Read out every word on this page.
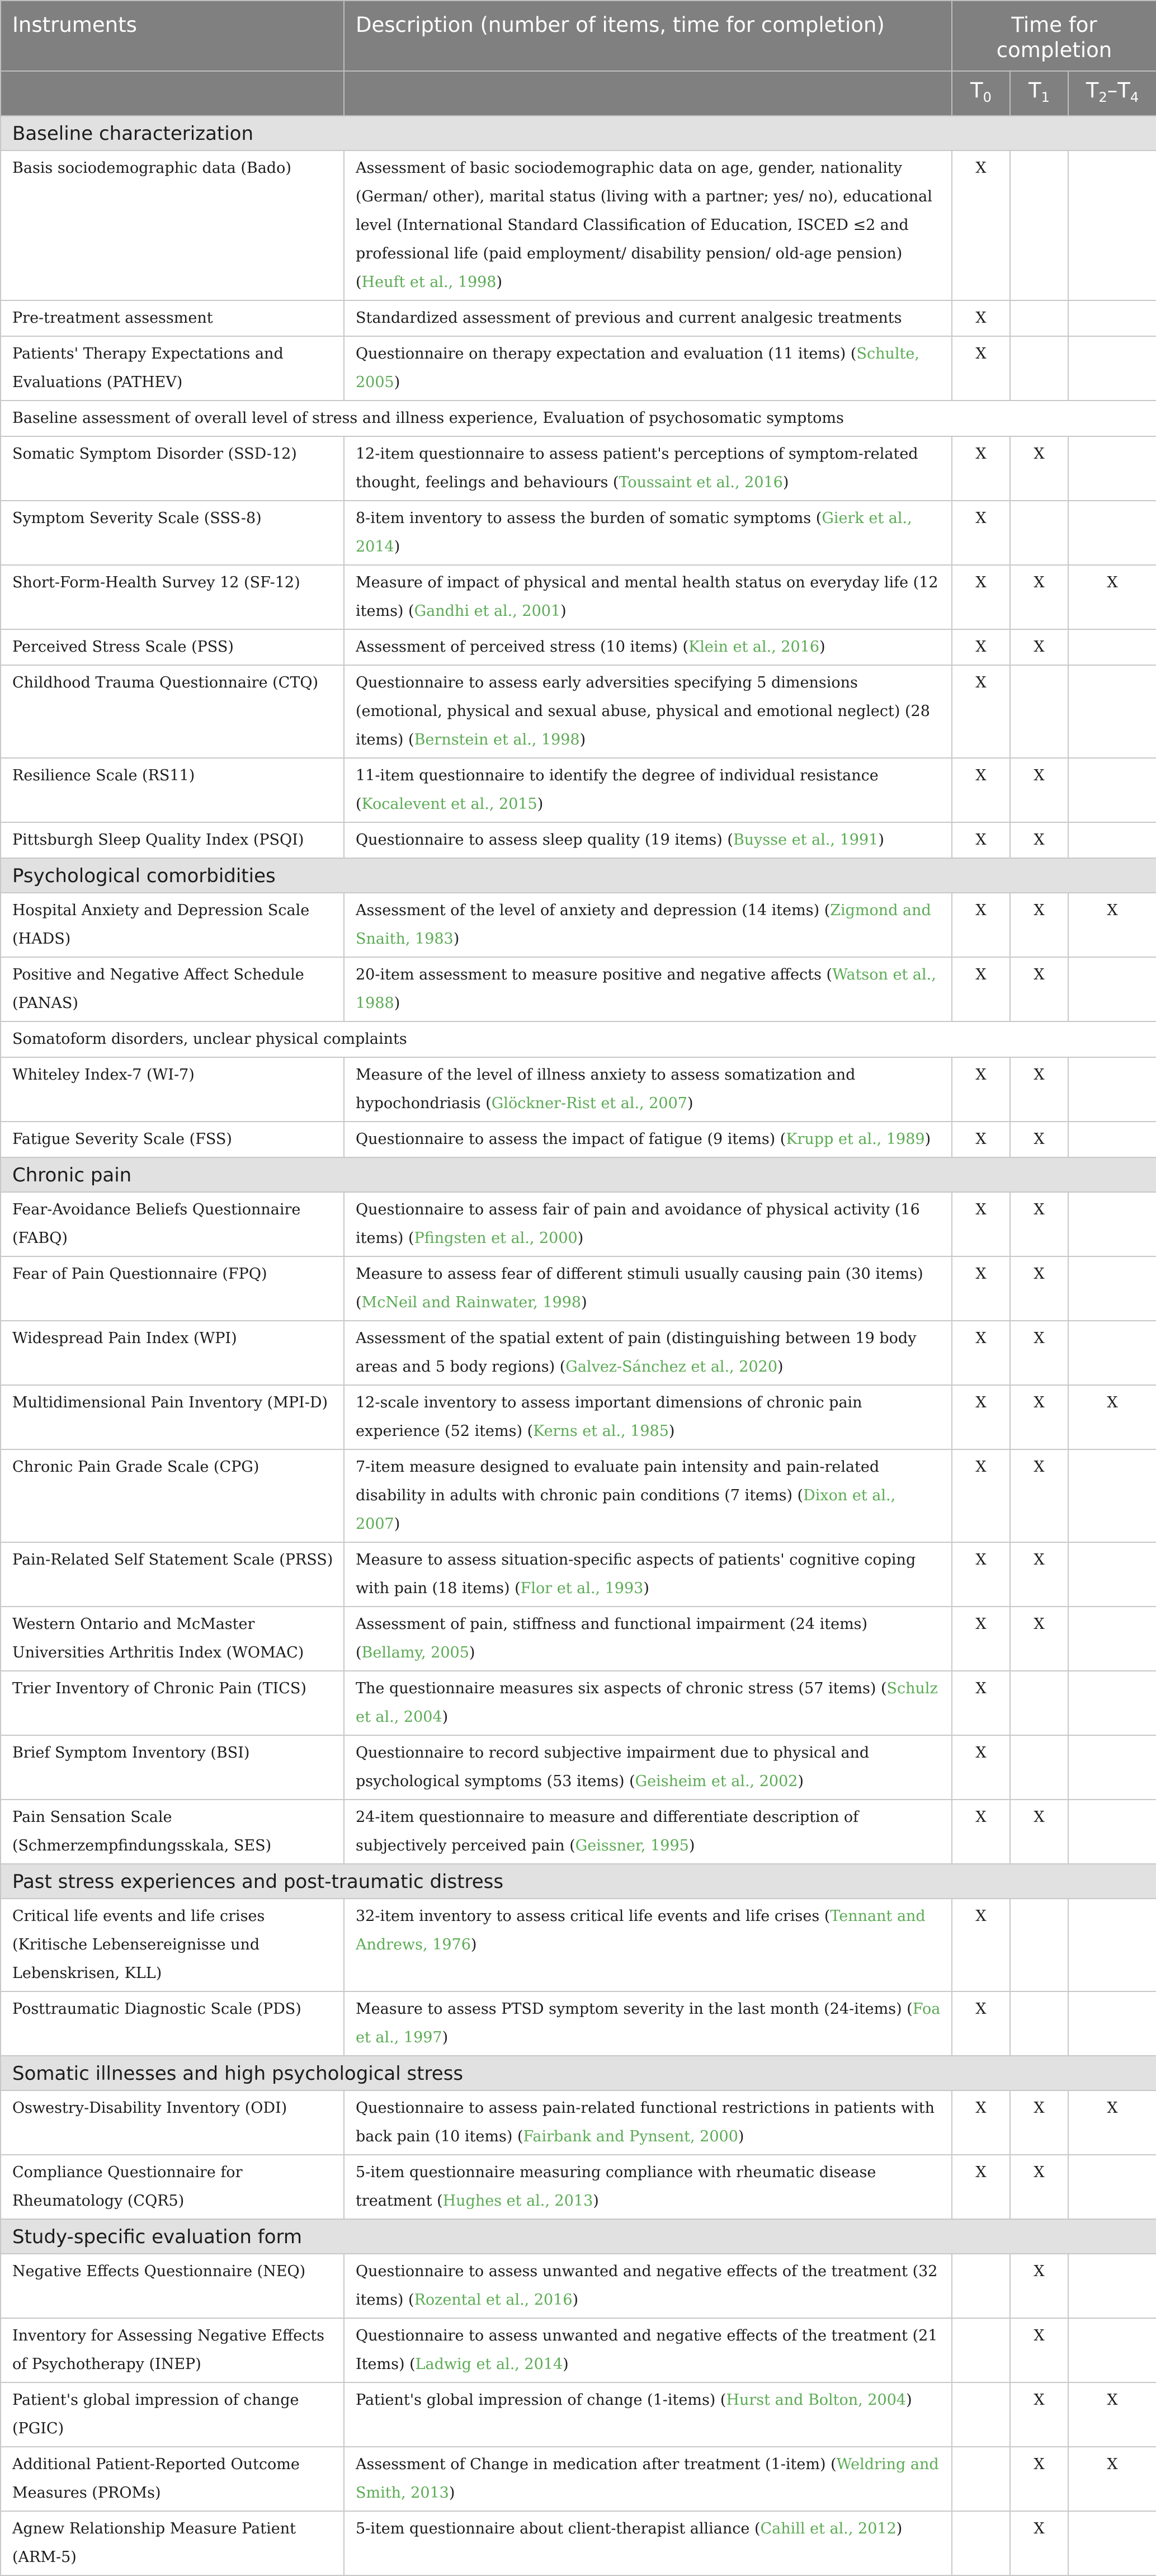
Instruments	Description (number of items, time for completion)	Time for completion		
		$T_0$	$T_1$	$T_2-T_4$
Baseline characterization				
Basis sociodemographic data (Bado)	Assessment of basic sociodemographic data on age, gender, nationality (German/ other), marital status (living with a partner; yes/ no), educational level (International Standard Classification of Education, ISCED ≤2 and professional life (paid employment/ disability pension/ old-age pension) (Heuft et al., 1998)	X		
Pre-treatment assessment	Standardized assessment of previous and current analgesic treatments	X		
Patients' Therapy Expectations and Evaluations (PATHEV)	Questionnaire on therapy expectation and evaluation (11 items) (Schulte, 2005)	X		
Baseline assessment of overall level of stress and illness experience, Evaluation of psychosomatic symptoms				
Somatic Symptom Disorder (SSD-12)	12-item questionnaire to assess patient's perceptions of symptom-related thought, feelings and behaviours (Toussaint et al., 2016)	X	X	
Symptom Severity Scale (SSS-8)	8-item inventory to assess the burden of somatic symptoms (Gierk et al., 2014)	X		
Short-Form-Health Survey 12 (SF-12)	Measure of impact of physical and mental health status on everyday life (12 items) (Gandhi et al., 2001)	X	X	X
Perceived Stress Scale (PSS)	Assessment of perceived stress (10 items) (Klein et al., 2016)	X	X	
Childhood Trauma Questionnaire (CTQ)	Questionnaire to assess early adversities specifying 5 dimensions (emotional, physical and sexual abuse, physical and emotional neglect) (28 items) (Bernstein et al., 1998)	X		
Resilience Scale (RS11)	11-item questionnaire to identify the degree of individual resistance (Kocalevent et al., 2015)	X	X	
Pittsburgh Sleep Quality Index (PSQI)	Questionnaire to assess sleep quality (19 items) (Buysse et al., 1991)	X	X	
Psychological comorbidities				
Hospital Anxiety and Depression Scale (HADS)	Assessment of the level of anxiety and depression (14 items) (Zigmond and Snaith, 1983)	X	X	X
Positive and Negative Affect Schedule (PANAS)	20-item assessment to measure positive and negative affects (Watson et al., 1988)	X	X	
Somatoform disorders, unclear physical complaints				
Whiteley Index-7 (WI-7)	Measure of the level of illness anxiety to assess somatization and hypochondriasis (Glöckner-Rist et al., 2007)	X	X	
Fatigue Severity Scale (FSS)	Questionnaire to assess the impact of fatigue (9 items) (Krupp et al., 1989)	X	X	
Chronic pain				
Fear-Avoidance Beliefs Questionnaire (FABQ)	Questionnaire to assess fair of pain and avoidance of physical activity (16 items) (Pfingsten et al., 2000)	X	X	
Fear of Pain Questionnaire (FPQ)	Measure to assess fear of different stimuli usually causing pain (30 items) (McNeil and Rainwater, 1998)	X	X	
Widespread Pain Index (WPI)	Assessment of the spatial extent of pain (distinguishing between 19 body areas and 5 body regions) (Galvez-Sánchez et al., 2020)	X	X	
Multidimensional Pain Inventory (MPI-D)	12-scale inventory to assess important dimensions of chronic pain experience (52 items) (Kerns et al., 1985)	X	X	X
Chronic Pain Grade Scale (CPG)	7-item measure designed to evaluate pain intensity and pain-related disability in adults with chronic pain conditions (7 items) (Dixon et al., 2007)	X	X	
Pain-Related Self Statement Scale (PRSS)	Measure to assess situation-specific aspects of patients' cognitive coping with pain (18 items) (Flor et al., 1993)	X	X	
Western Ontario and McMaster Universities Arthritis Index (WOMAC)	Assessment of pain, stiffness and functional impairment (24 items) (Bellamy, 2005)	X	X	
Trier Inventory of Chronic Pain (TICS)	The questionnaire measures six aspects of chronic stress (57 items) (Schulz et al., 2004)	X		
Brief Symptom Inventory (BSI)	Questionnaire to record subjective impairment due to physical and psychological symptoms (53 items) (Geisheim et al., 2002)	X		
Pain Sensation Scale (Schmerzempfindungsskala, SES)	24-item questionnaire to measure and differentiate description of subjectively perceived pain (Geissner, 1995)	X	X	
Past stress experiences and post-traumatic distress				
Critical life events and life crises (Kritische Lebensereignisse und Lebenskrisen, KLL)	32-item inventory to assess critical life events and life crises (Tennant and Andrews, 1976)	X		
Posttraumatic Diagnostic Scale (PDS)	Measure to assess PTSD symptom severity in the last month (24-items) (Foa et al., 1997)	X		
Somatic illnesses and high psychological stress				
Oswestry-Disability Inventory (ODI)	Questionnaire to assess pain-related functional restrictions in patients with back pain (10 items) (Fairbank and Pynsent, 2000)	X	X	X
Compliance Questionnaire for Rheumatology (CQR5)	5-item questionnaire measuring compliance with rheumatic disease treatment (Hughes et al., 2013)	X	X	
Study-specific evaluation form				
Negative Effects Questionnaire (NEQ)	Questionnaire to assess unwanted and negative effects of the treatment (32 items) (Rozental et al., 2016)		X	
Inventory for Assessing Negative Effects of Psychotherapy (INEP)	Questionnaire to assess unwanted and negative effects of the treatment (21 Items) (Ladwig et al., 2014)		X	
Patient's global impression of change (PGIC)	Patient's global impression of change (1-items) (Hurst and Bolton, 2004)		X	X
Additional Patient-Reported Outcome Measures (PROMs)	Assessment of Change in medication after treatment (1-item) (Weldring and Smith, 2013)		X	X
Agnew Relationship Measure Patient (ARM-5)	5-item questionnaire about client-therapist alliance (Cahill et al., 2012)		X	
